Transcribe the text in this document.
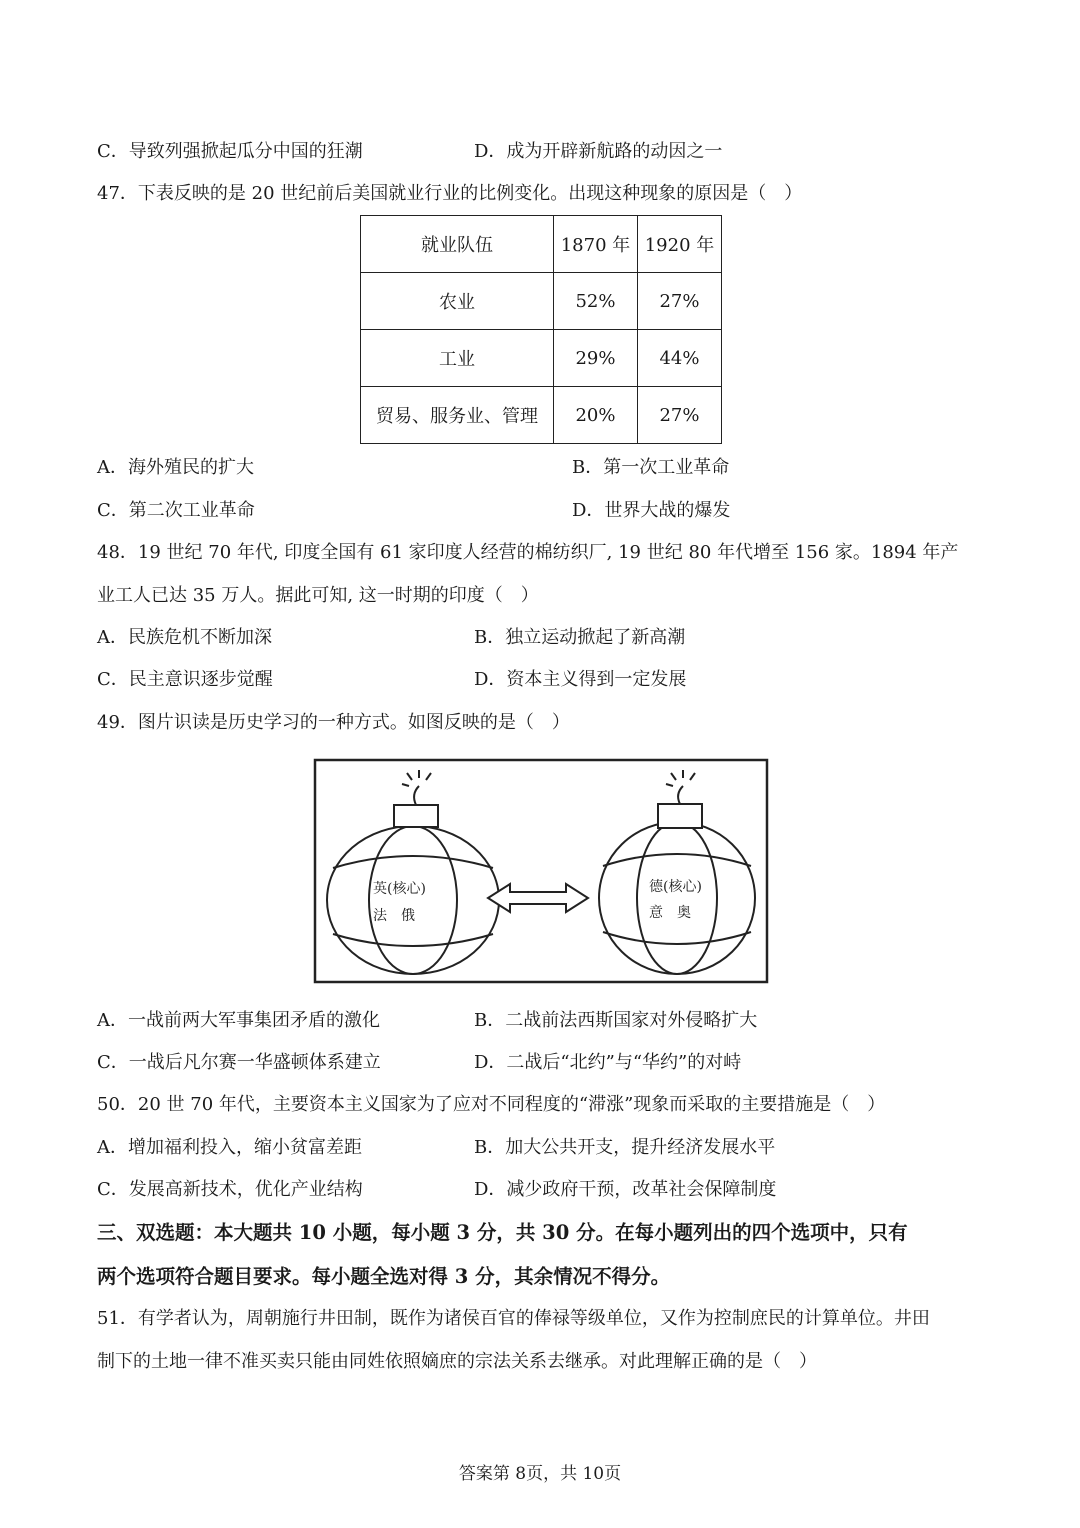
C．导致列强掀起瓜分中国的狂潮	D．成为开辟新航路的动因之一
47．下表反映的是 20 世纪前后美国就业行业的比例变化。出现这种现象的原因是（　）
就业队伍	1870 年	1920 年
农业	52%	27%
工业	29%	44%
贸易、服务业、管理	20%	27%
A．海外殖民的扩大	B．第一次工业革命
C．第二次工业革命	D．世界大战的爆发
48．19 世纪 70 年代, 印度全国有 61 家印度人经营的棉纺织厂, 19 世纪 80 年代增至 156 家。1894 年产
业工人已达 35 万人。据此可知, 这一时期的印度（　）
A．民族危机不断加深	B．独立运动掀起了新高潮
C．民主意识逐步觉醒	D．资本主义得到一定发展
49．图片识读是历史学习的一种方式。如图反映的是（　）
英(核心)
法　俄
德(核心)
意　奥
A．一战前两大军事集团矛盾的激化	B．二战前法西斯国家对外侵略扩大
C．一战后凡尔赛一华盛顿体系建立	D．二战后“北约”与“华约”的对峙
50．20 世 70 年代，主要资本主义国家为了应对不同程度的“滞涨”现象而采取的主要措施是（　）
A．增加福利投入，缩小贫富差距	B．加大公共开支，提升经济发展水平
C．发展高新技术，优化产业结构	D．减少政府干预，改革社会保障制度
三、双选题：本大题共 10 小题，每小题 3 分，共 30 分。在每小题列出的四个选项中，只有
两个选项符合题目要求。每小题全选对得 3 分，其余情况不得分。
51．有学者认为，周朝施行井田制，既作为诸侯百官的俸禄等级单位，又作为控制庶民的计算单位。井田
制下的土地一律不准买卖只能由同姓依照嫡庶的宗法关系去继承。对此理解正确的是（　）
答案第 8页，共 10页
